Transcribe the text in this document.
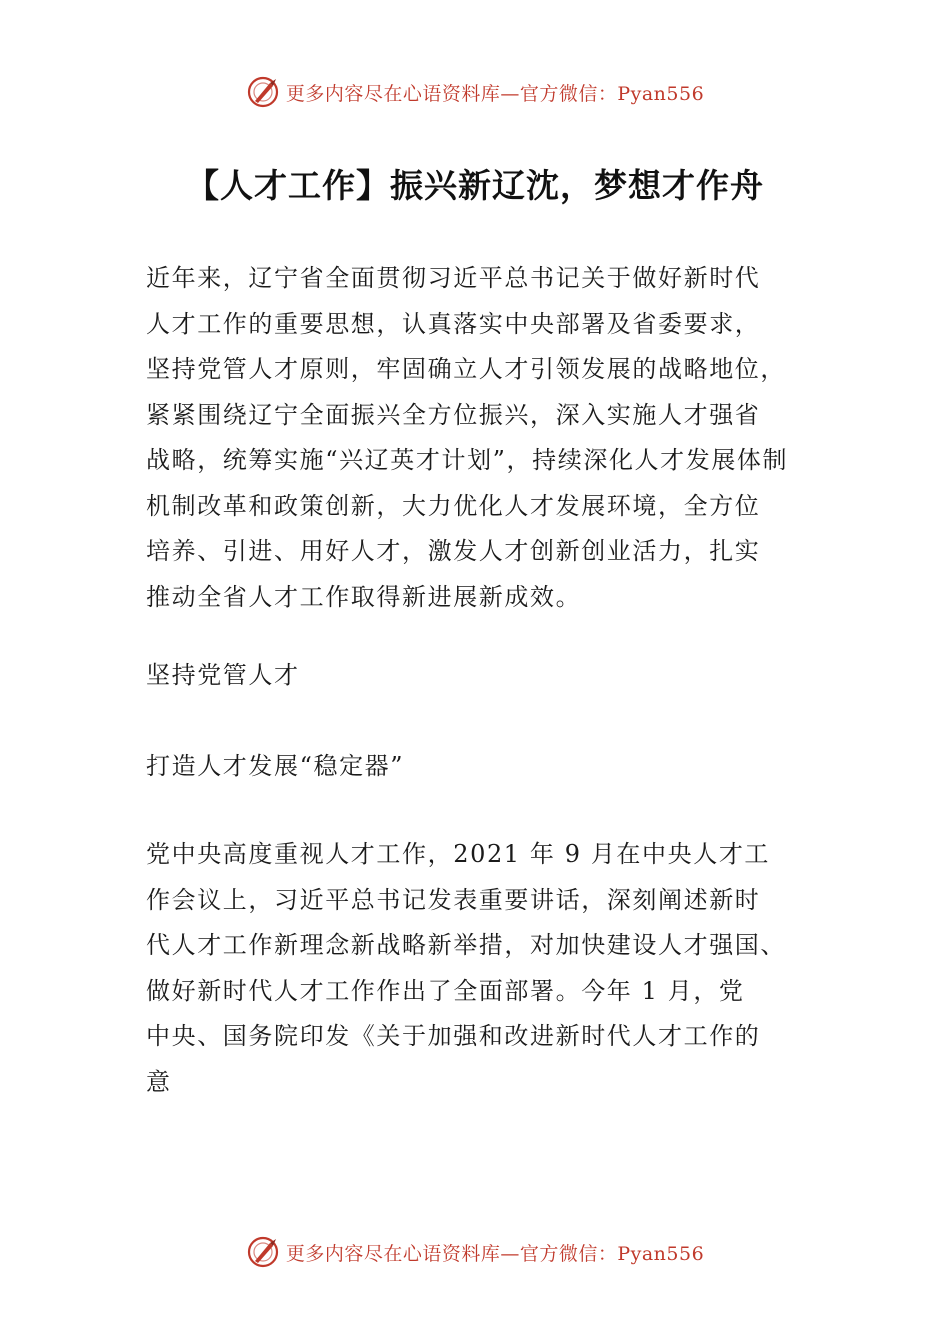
更多内容尽在心语资料库—官方微信：Pyan556
【人才工作】振兴新辽沈，梦想才作舟

近年来，辽宁省全面贯彻习近平总书记关于做好新时代
人才工作的重要思想，认真落实中央部署及省委要求，
坚持党管人才原则，牢固确立人才引领发展的战略地位，
紧紧围绕辽宁全面振兴全方位振兴，深入实施人才强省
战略，统筹实施“兴辽英才计划”，持续深化人才发展体制
机制改革和政策创新，大力优化人才发展环境，全方位
培养、引进、用好人才，激发人才创新创业活力，扎实
推动全省人才工作取得新进展新成效。

坚持党管人才

打造人才发展“稳定器”

党中央高度重视人才工作，2021 年 9 月在中央人才工
作会议上，习近平总书记发表重要讲话，深刻阐述新时
代人才工作新理念新战略新举措，对加快建设人才强国、
做好新时代人才工作作出了全面部署。今年 1 月，党
中央、国务院印发《关于加强和改进新时代人才工作的
意

更多内容尽在心语资料库—官方微信：Pyan556
